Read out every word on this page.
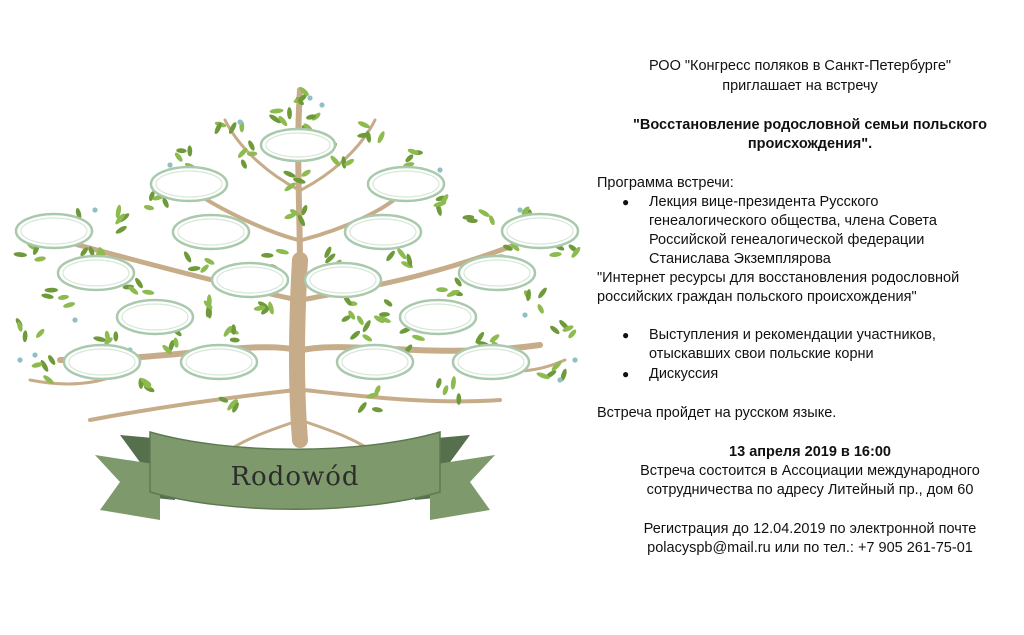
Rodowód
РОО "Конгресс поляков в Санкт-Петербурге"
приглашает на встречу
"Восстановление родословной семьи польского
происхождения".
Программа встречи:
● Лекция вице-президента Русского
генеалогического общества, члена Совета
Российской генеалогической федерации
Станислава Экземплярова
"Интернет ресурсы для восстановления родословной
российских граждан польского происхождения"
● Выступления и рекомендации участников,
отыскавших свои польские корни
● Дискуссия
Встреча пройдет на русском языке.
13 апреля 2019 в 16:00
Встреча состоится в Ассоциации международного
сотрудничества по адресу Литейный пр., дом 60
Регистрация до 12.04.2019 по электронной почте
polacyspb@mail.ru или по тел.: +7 905 261-75-01
